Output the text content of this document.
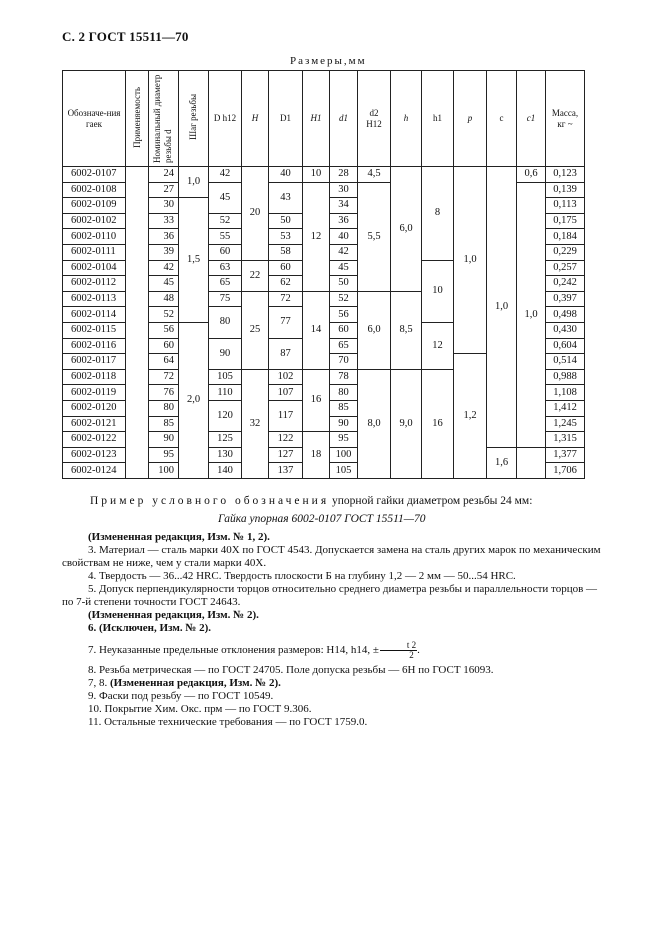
С. 2 ГОСТ 15511—70
Размеры,мм
Обозначе-ния гаек	Применяемость	Номинальный диаметр резьбы d	Шаг резьбы	D h12	H	D1	H1	d1	d2 H12	h	h1	p	c	c1	Масса, кг ~
6002-0107		24	1,0	42	20	40	10	28	4,5	6,0	8	1,0	1,0	0,6	0,123
6002-0108		27		45		43	12	30	5,5					1,0	0,139
6002-0109		30	1,5					34							0,113
6002-0102		33		52		50		36							0,175
6002-0110		36		55		53		40							0,184
6002-0111		39		60		58		42							0,229
6002-0104		42		63	22	60		45			10				0,257
6002-0112		45		65		62		50							0,242
6002-0113		48		75	25	72	14	52	6,0	8,5					0,397
6002-0114		52		80		77		56							0,498
6002-0115		56	2,0					60			12				0,430
6002-0116		60		90		87		65							0,604
6002-0117		64						70				1,2			0,514
6002-0118		72		105	32	102	16	78	8,0	9,0	16				0,988
6002-0119		76		110		107		80							1,108
6002-0120		80		120		117		85							1,412
6002-0121		85						90							1,245
6002-0122		90		125		122	18	95							1,315
6002-0123		95		130		127		100					1,6		1,377
6002-0124		100		140		137		105							1,706
Пример условного обозначения упорной гайки диаметром резьбы 24 мм:
Гайка упорная 6002-0107 ГОСТ 15511—70

(Измененная редакция, Изм. № 1, 2).

3. Материал — сталь марки 40Х по ГОСТ 4543. Допускается замена на сталь других марок по механическим свойствам не ниже, чем у стали марки 40Х.

4. Твердость — 36...42 HRC. Твердость плоскости Б на глубину 1,2 — 2 мм — 50...54 HRC.

5. Допуск перпендикулярности торцов относительно среднего диаметра резьбы и параллельности торцов — по 7-й степени точности ГОСТ 24643.

(Измененная редакция, Изм. № 2).

6. (Исключен, Изм. № 2).

7. Неуказанные предельные отклонения размеров: H14, h14, ± $\frac{t 2}{2}$ .

8. Резьба метрическая — по ГОСТ 24705. Поле допуска резьбы — 6H по ГОСТ 16093.

7, 8. (Измененная редакция, Изм. № 2).

9. Фаски под резьбу — по ГОСТ 10549.

10. Покрытие Хим. Окс. прм — по ГОСТ 9.306.

11. Остальные технические требования — по ГОСТ 1759.0.
